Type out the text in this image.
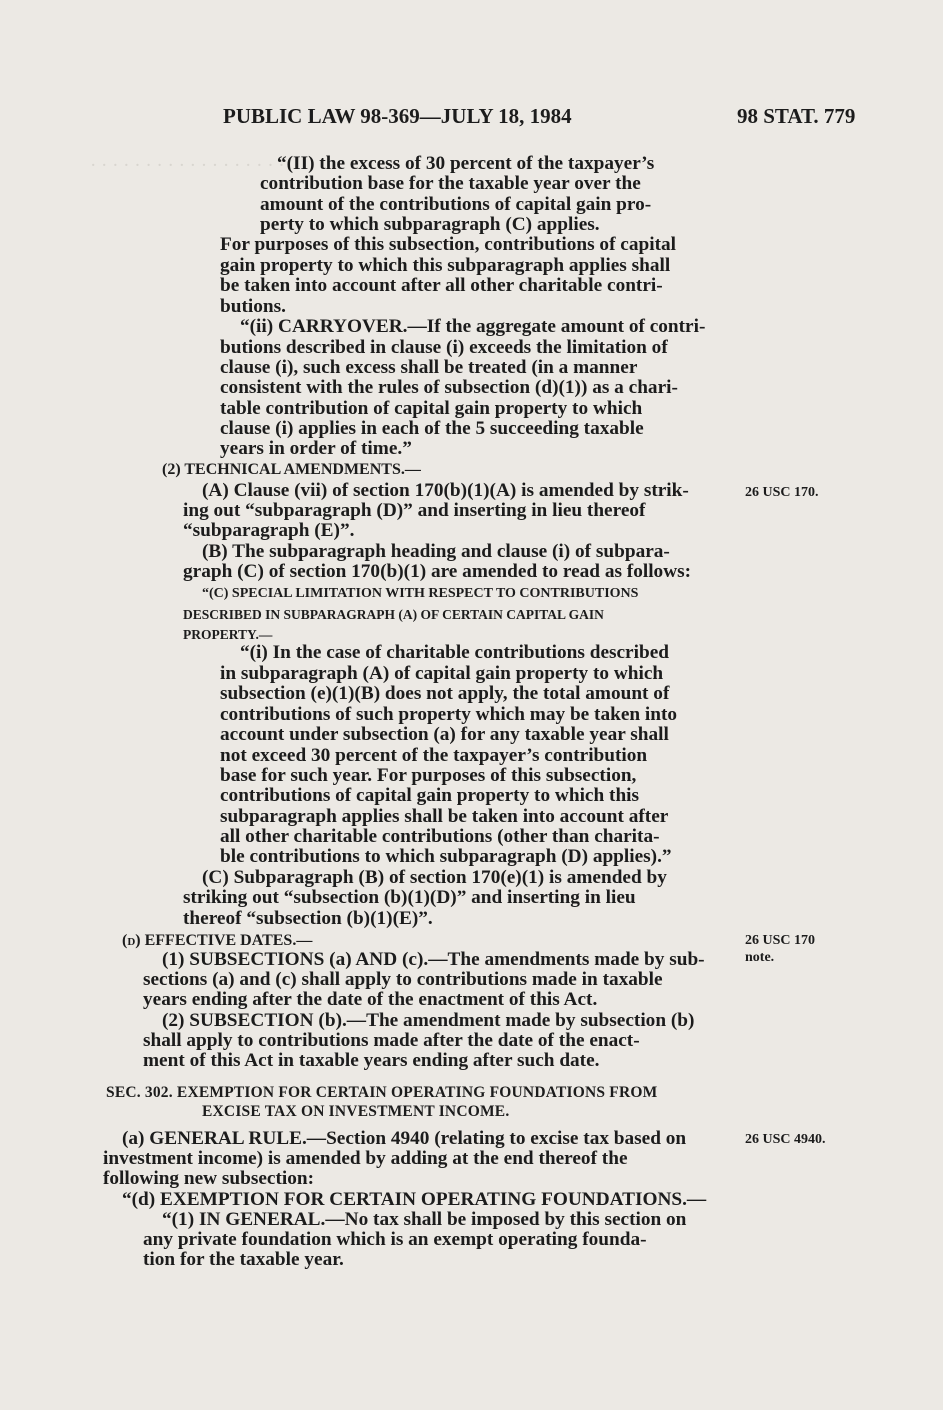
· · · · · · · · · · · · · · · · · ·
PUBLIC LAW 98-369—JULY 18, 1984	98 STAT. 779
“(II) the excess of 30 percent of the taxpayer’s
contribution base for the taxable year over the
amount of the contributions of capital gain pro-
perty to which subparagraph (C) applies.
For purposes of this subsection, contributions of capital
gain property to which this subparagraph applies shall
be taken into account after all other charitable contri-
butions.
“(ii) CARRYOVER.—If the aggregate amount of contri-
butions described in clause (i) exceeds the limitation of
clause (i), such excess shall be treated (in a manner
consistent with the rules of subsection (d)(1)) as a chari-
table contribution of capital gain property to which
clause (i) applies in each of the 5 succeeding taxable
years in order of time.”
(2) TECHNICAL AMENDMENTS.—
(A) Clause (vii) of section 170(b)(1)(A) is amended by strik-
ing out “subparagraph (D)” and inserting in lieu thereof
“subparagraph (E)”.
(B) The subparagraph heading and clause (i) of subpara-
graph (C) of section 170(b)(1) are amended to read as follows:
“(C) SPECIAL LIMITATION WITH RESPECT TO CONTRIBUTIONS
DESCRIBED IN SUBPARAGRAPH (A) OF CERTAIN CAPITAL GAIN
PROPERTY.—
“(i) In the case of charitable contributions described
in subparagraph (A) of capital gain property to which
subsection (e)(1)(B) does not apply, the total amount of
contributions of such property which may be taken into
account under subsection (a) for any taxable year shall
not exceed 30 percent of the taxpayer’s contribution
base for such year. For purposes of this subsection,
contributions of capital gain property to which this
subparagraph applies shall be taken into account after
all other charitable contributions (other than charita-
ble contributions to which subparagraph (D) applies).”
(C) Subparagraph (B) of section 170(e)(1) is amended by
striking out “subsection (b)(1)(D)” and inserting in lieu
thereof “subsection (b)(1)(E)”.
(d) EFFECTIVE DATES.—
(1) SUBSECTIONS (a) AND (c).—The amendments made by sub-
sections (a) and (c) shall apply to contributions made in taxable
years ending after the date of the enactment of this Act.
(2) SUBSECTION (b).—The amendment made by subsection (b)
shall apply to contributions made after the date of the enact-
ment of this Act in taxable years ending after such date.
SEC. 302. EXEMPTION FOR CERTAIN OPERATING FOUNDATIONS FROM
EXCISE TAX ON INVESTMENT INCOME.
(a) GENERAL RULE.—Section 4940 (relating to excise tax based on
investment income) is amended by adding at the end thereof the
following new subsection:
“(d) EXEMPTION FOR CERTAIN OPERATING FOUNDATIONS.—
“(1) IN GENERAL.—No tax shall be imposed by this section on
any private foundation which is an exempt operating founda-
tion for the taxable year.
26 USC 170.
26 USC 170
note.
26 USC 4940.
